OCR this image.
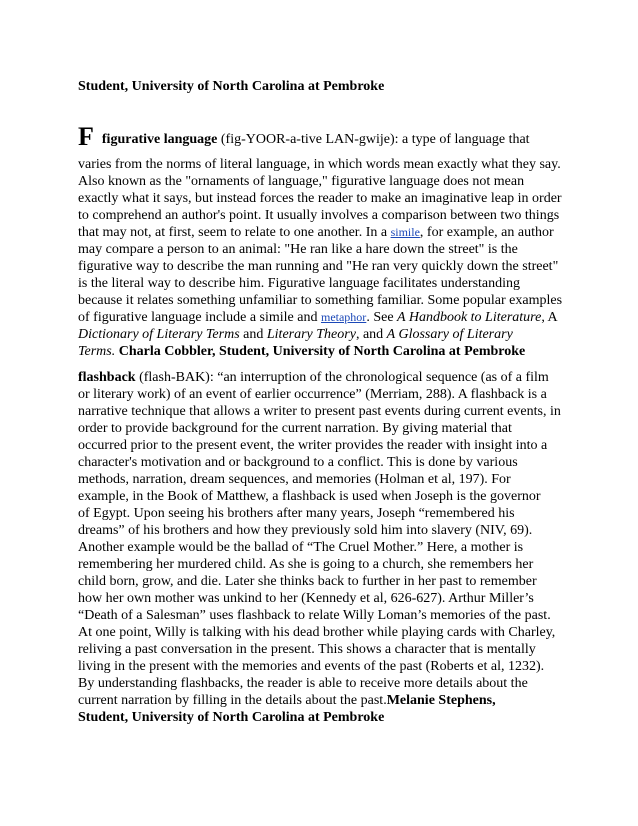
Student, University of North Carolina at Pembroke
Ffigurative language (fig-YOOR-a-tive LAN-gwije): a type of language that
varies from the norms of literal language, in which words mean exactly what they say.
Also known as the "ornaments of language," figurative language does not mean
exactly what it says, but instead forces the reader to make an imaginative leap in order
to comprehend an author's point. It usually involves a comparison between two things
that may not, at first, seem to relate to one another. In a simile, for example, an author
may compare a person to an animal: "He ran like a hare down the street" is the
figurative way to describe the man running and "He ran very quickly down the street"
is the literal way to describe him. Figurative language facilitates understanding
because it relates something unfamiliar to something familiar. Some popular examples
of figurative language include a simile and metaphor. See A Handbook to Literature, A
Dictionary of Literary Terms and Literary Theory, and A Glossary of Literary
Terms. Charla Cobbler, Student, University of North Carolina at Pembroke
flashback (flash-BAK): “an interruption of the chronological sequence (as of a film
or literary work) of an event of earlier occurrence” (Merriam, 288). A flashback is a
narrative technique that allows a writer to present past events during current events, in
order to provide background for the current narration. By giving material that
occurred prior to the present event, the writer provides the reader with insight into a
character's motivation and or background to a conflict. This is done by various
methods, narration, dream sequences, and memories (Holman et al, 197). For
example, in the Book of Matthew, a flashback is used when Joseph is the governor
of Egypt. Upon seeing his brothers after many years, Joseph “remembered his
dreams” of his brothers and how they previously sold him into slavery (NIV, 69).
Another example would be the ballad of “The Cruel Mother.” Here, a mother is
remembering her murdered child. As she is going to a church, she remembers her
child born, grow, and die. Later she thinks back to further in her past to remember
how her own mother was unkind to her (Kennedy et al, 626-627). Arthur Miller’s
“Death of a Salesman” uses flashback to relate Willy Loman’s memories of the past.
At one point, Willy is talking with his dead brother while playing cards with Charley,
reliving a past conversation in the present. This shows a character that is mentally
living in the present with the memories and events of the past (Roberts et al, 1232).
By understanding flashbacks, the reader is able to receive more details about the
current narration by filling in the details about the past.Melanie Stephens,
Student, University of North Carolina at Pembroke
